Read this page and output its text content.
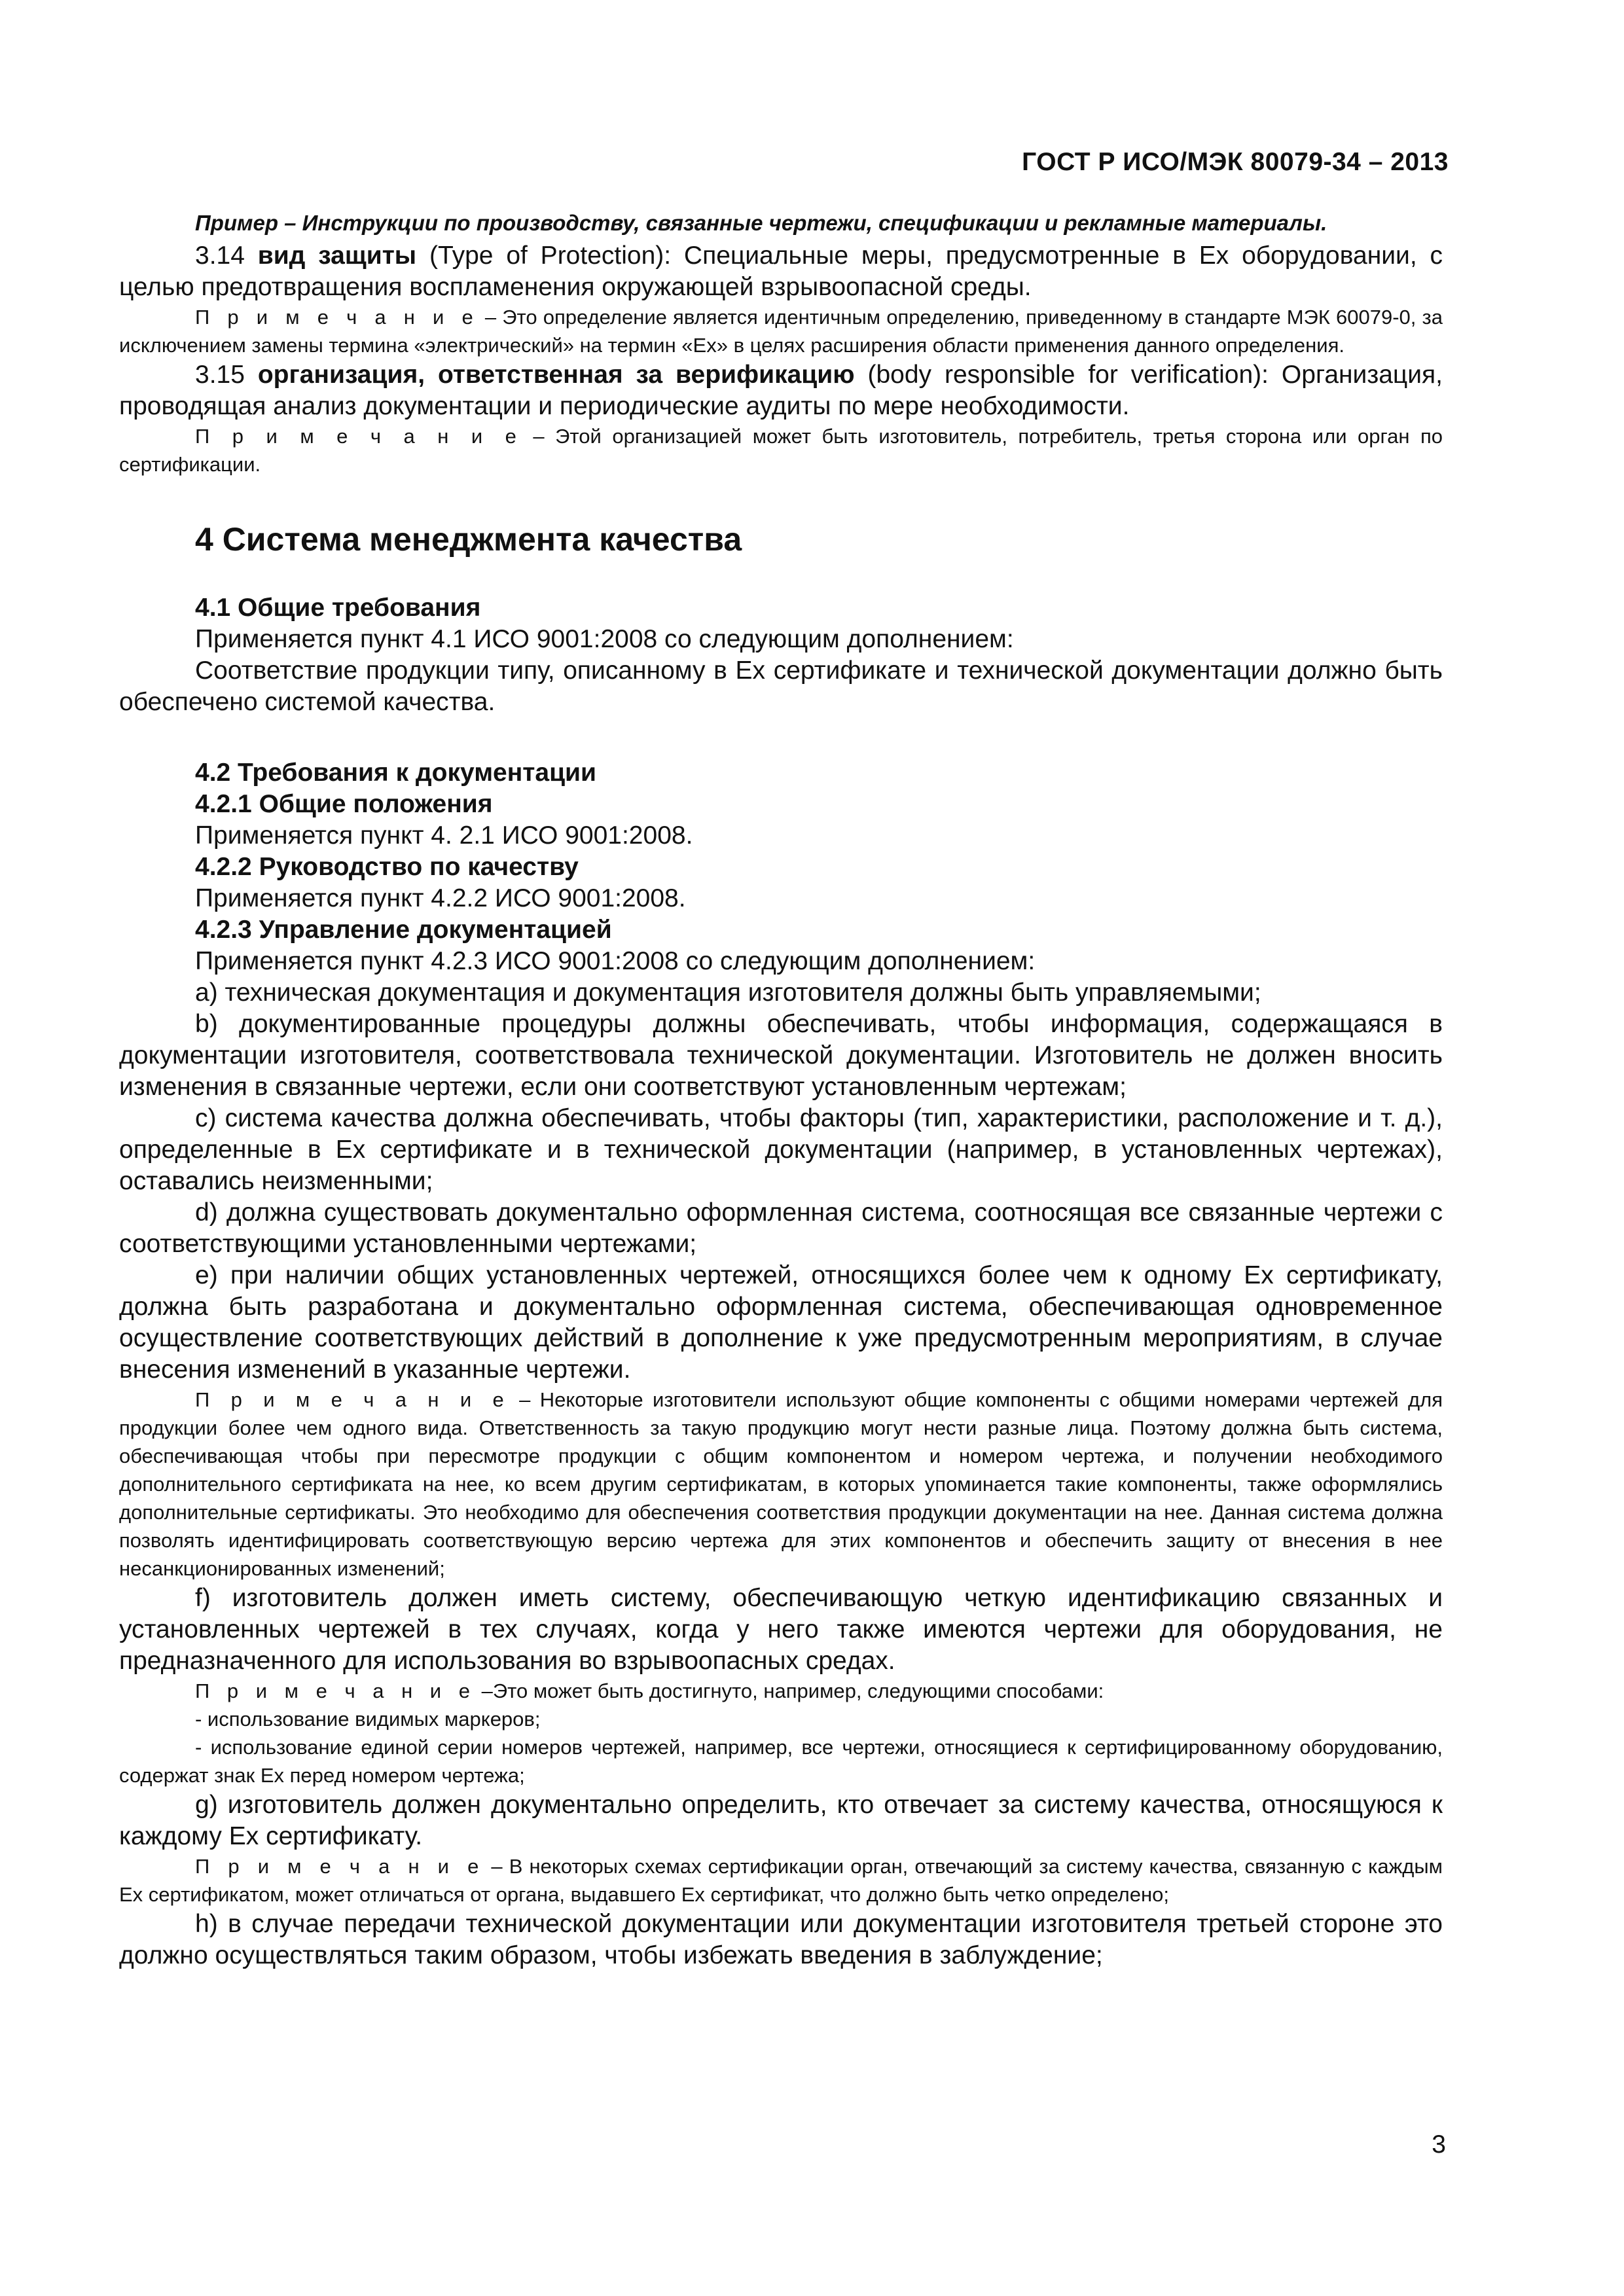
ГОСТ Р ИСО/МЭК 80079-34 – 2013

Пример – Инструкции по производству, связанные чертежи, спецификации и рекламные материалы.

3.14 вид защиты (Type of Protection): Специальные меры, предусмотренные в Ex оборудовании, с целью предотвращения воспламенения окружающей взрывоопасной среды.

П р и м е ч а н и е – Это определение является идентичным определению, приведенному в стандарте МЭК 60079-0, за исключением замены термина «электрический» на термин «Ex» в целях расширения области применения данного определения.

3.15 организация, ответственная за верификацию (body responsible for verification): Организация, проводящая анализ документации и периодические аудиты по мере необходимости.

П р и м е ч а н и е – Этой организацией может быть изготовитель, потребитель, третья сторона или орган по сертификации.

4 Система менеджмента качества
4.1 Общие требования

Применяется пункт 4.1 ИСО 9001:2008 со следующим дополнением:

Соответствие продукции типу, описанному в Ex сертификате и технической документации должно быть обеспечено системой качества.

4.2 Требования к документации
4.2.1 Общие положения

Применяется пункт 4. 2.1 ИСО 9001:2008.

4.2.2 Руководство по качеству

Применяется пункт 4.2.2 ИСО 9001:2008.

4.2.3 Управление документацией

Применяется пункт 4.2.3 ИСО 9001:2008 со следующим дополнением:

а) техническая документация и документация изготовителя должны быть управляемыми;

b) документированные процедуры должны обеспечивать, чтобы информация, содержащаяся в документации изготовителя, соответствовала технической документации. Изготовитель не должен вносить изменения в связанные чертежи, если они соответствуют установленным чертежам;

c) система качества должна обеспечивать, чтобы факторы (тип, характеристики, расположение и т. д.), определенные в Ex сертификате и в технической документации (например, в установленных чертежах), оставались неизменными;

d) должна существовать документально оформленная система, соотносящая все связанные чертежи с соответствующими установленными чертежами;

е) при наличии общих установленных чертежей, относящихся более чем к одному Ex сертификату, должна быть разработана и документально оформленная система, обеспечивающая одновременное осуществление соответствующих действий в дополнение к уже предусмотренным мероприятиям, в случае внесения изменений в указанные чертежи.

П р и м е ч а н и е – Некоторые изготовители используют общие компоненты с общими номерами чертежей для продукции более чем одного вида. Ответственность за такую продукцию могут нести разные лица. Поэтому должна быть система, обеспечивающая чтобы при пересмотре продукции с общим компонентом и номером чертежа, и получении необходимого дополнительного сертификата на нее, ко всем другим сертификатам, в которых упоминается такие компоненты, также оформлялись дополнительные сертификаты. Это необходимо для обеспечения соответствия продукции документации на нее. Данная система должна позволять идентифицировать соответствующую версию чертежа для этих компонентов и обеспечить защиту от внесения в нее несанкционированных изменений;

f) изготовитель должен иметь систему, обеспечивающую четкую идентификацию связанных и установленных чертежей в тех случаях, когда у него также имеются чертежи для оборудования, не предназначенного для использования во взрывоопасных средах.

П р и м е ч а н и е –Это может быть достигнуто, например, следующими способами:

- использование видимых маркеров;

- использование единой серии номеров чертежей, например, все чертежи, относящиеся к сертифицированному оборудованию, содержат знак Ex перед номером чертежа;

g) изготовитель должен документально определить, кто отвечает за систему качества, относящуюся к каждому Ex сертификату.

П р и м е ч а н и е – В некоторых схемах сертификации орган, отвечающий за систему качества, связанную с каждым Ex сертификатом, может отличаться от органа, выдавшего Ex сертификат, что должно быть четко определено;

h) в случае передачи технической документации или документации изготовителя третьей стороне это должно осуществляться таким образом, чтобы избежать введения в заблуждение;

3
